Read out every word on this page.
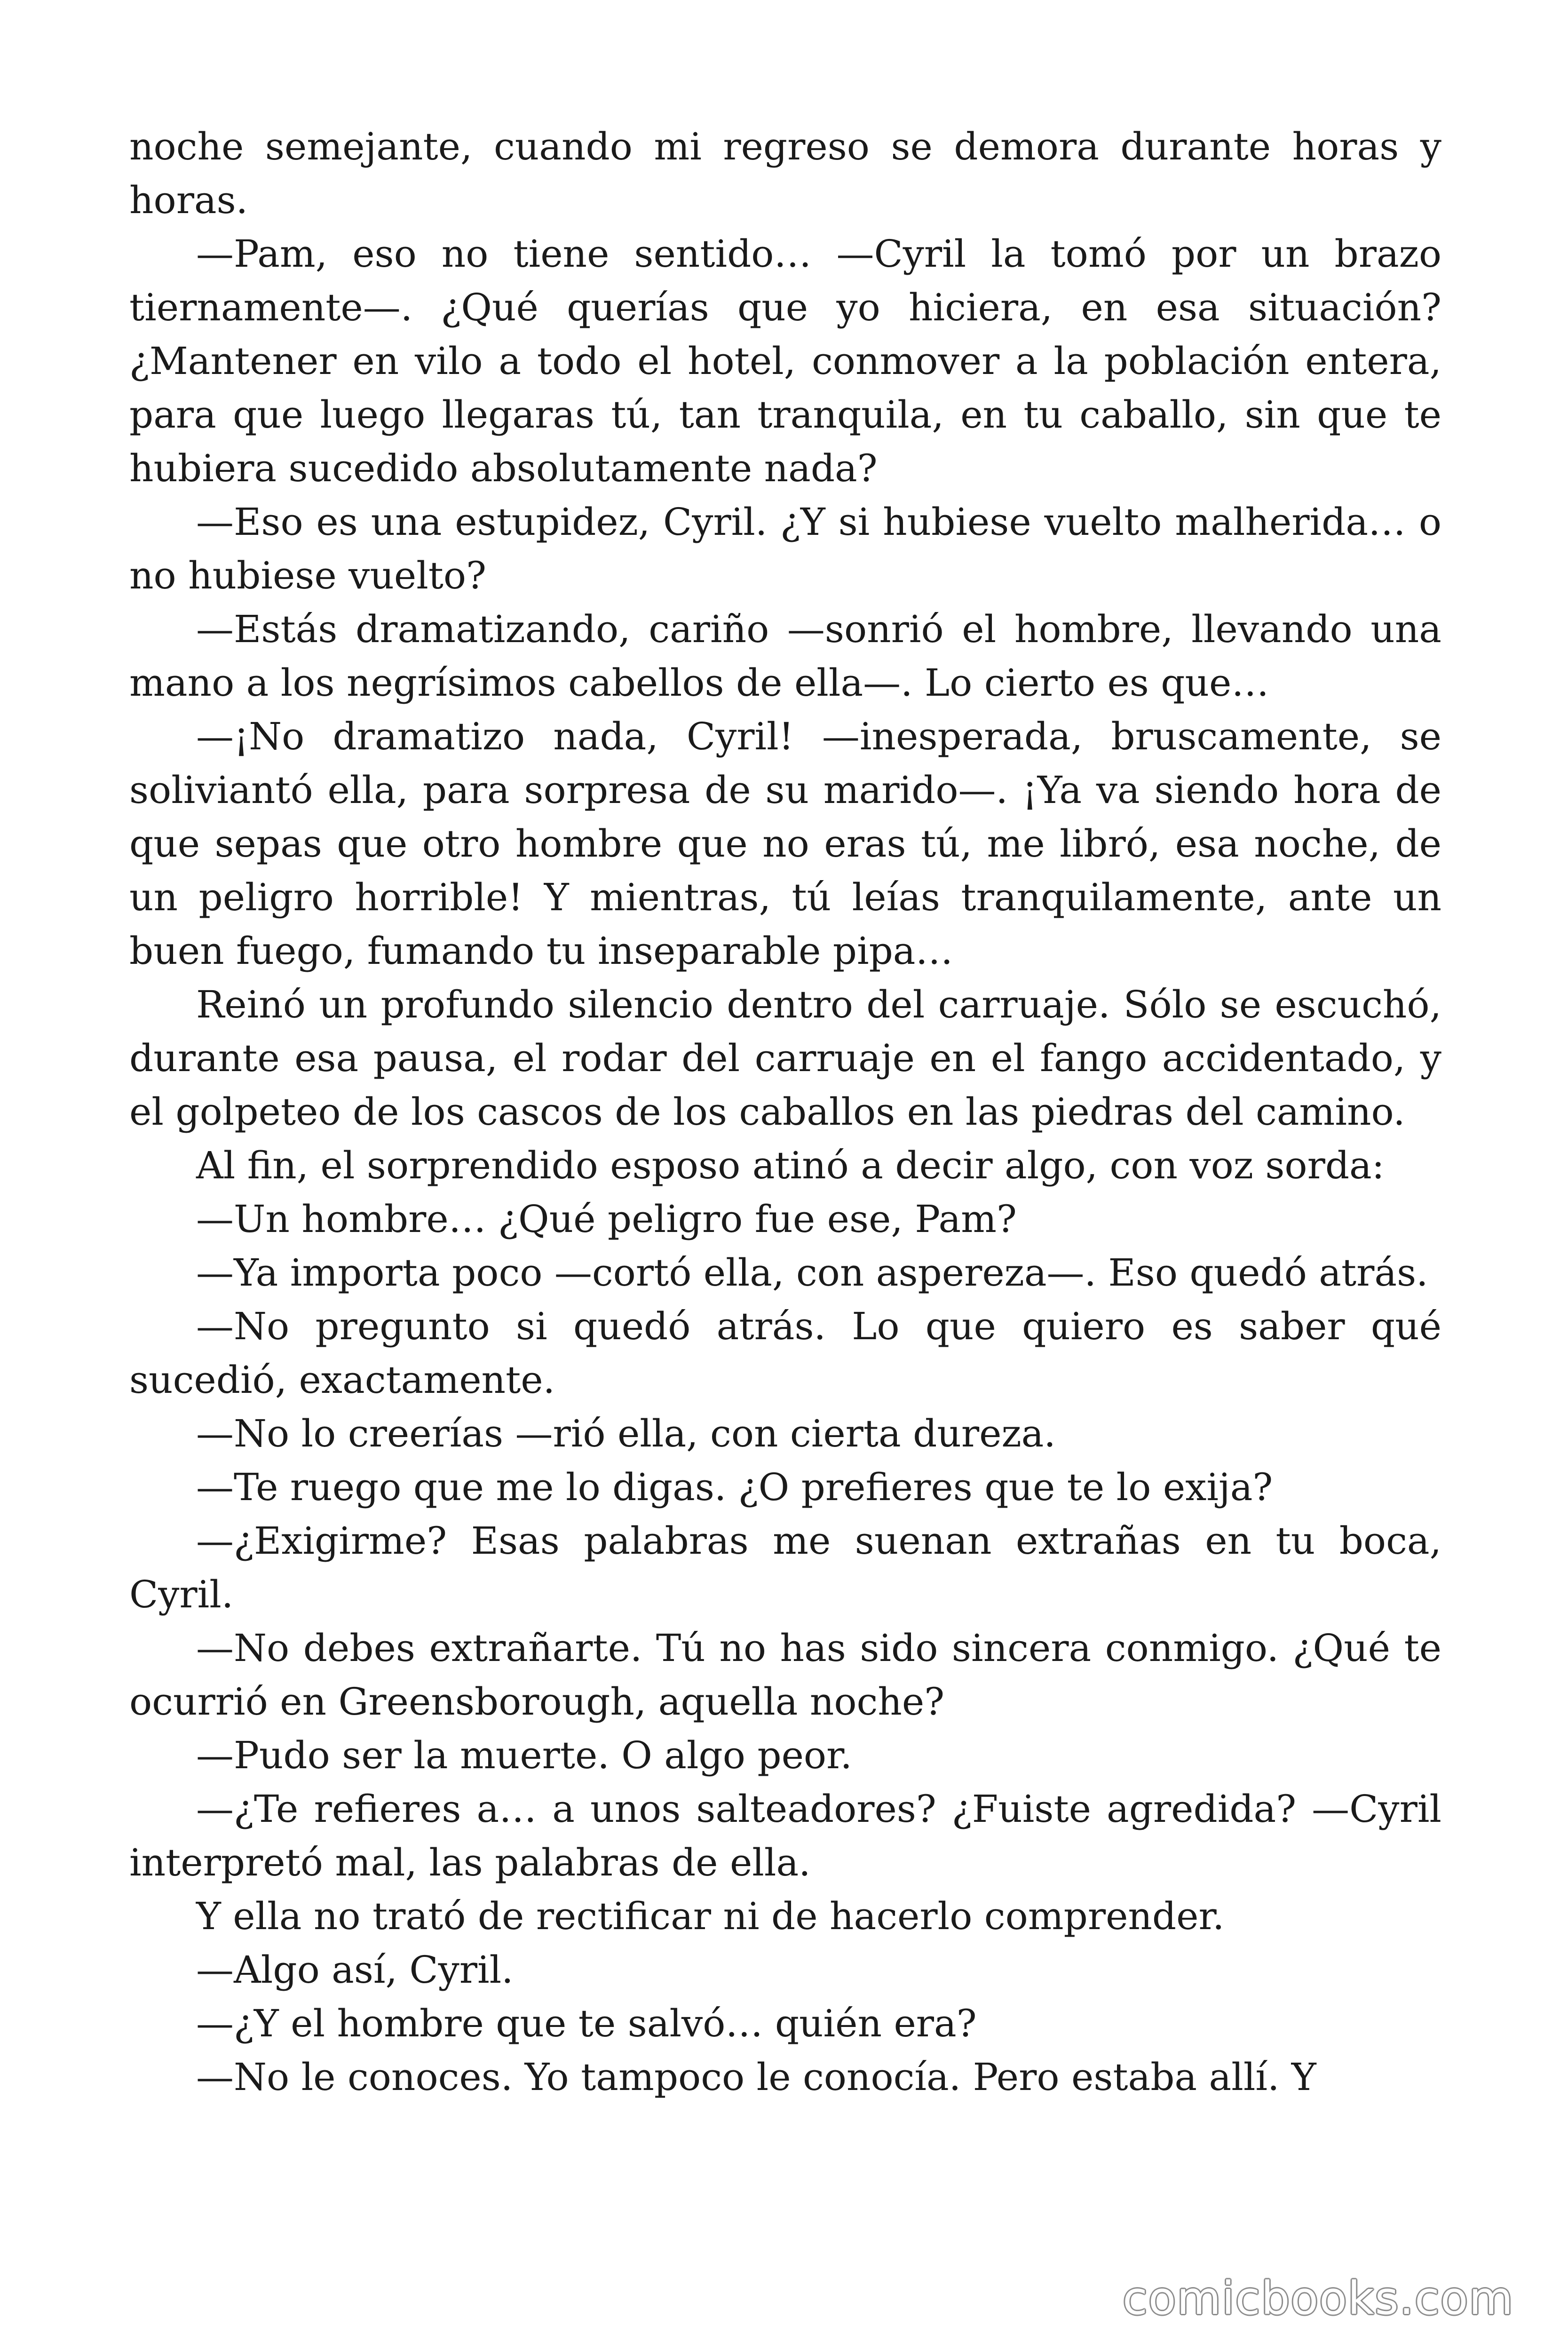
noche semejante, cuando mi regreso se demora durante horas y horas.

—Pam, eso no tiene sentido… —Cyril la tomó por un brazo tiernamente—. ¿Qué querías que yo hiciera, en esa situación? ¿Mantener en vilo a todo el hotel, conmover a la población entera, para que luego llegaras tú, tan tranquila, en tu caballo, sin que te hubiera sucedido absolutamente nada?

—Eso es una estupidez, Cyril. ¿Y si hubiese vuelto malherida… o no hubiese vuelto?

—Estás dramatizando, cariño —sonrió el hombre, llevando una mano a los negrísimos cabellos de ella—. Lo cierto es que…

—¡No dramatizo nada, Cyril! —inesperada, bruscamente, se soliviantó ella, para sorpresa de su marido—. ¡Ya va siendo hora de que sepas que otro hombre que no eras tú, me libró, esa noche, de un peligro horrible! Y mientras, tú leías tranquilamente, ante un buen fuego, fumando tu inseparable pipa…

Reinó un profundo silencio dentro del carruaje. Sólo se escuchó, durante esa pausa, el rodar del carruaje en el fango accidentado, y el golpeteo de los cascos de los caballos en las piedras del camino.

Al fin, el sorprendido esposo atinó a decir algo, con voz sorda:

—Un hombre… ¿Qué peligro fue ese, Pam?

—Ya importa poco —cortó ella, con aspereza—. Eso quedó atrás.

—No pregunto si quedó atrás. Lo que quiero es saber qué sucedió, exactamente.

—No lo creerías —rió ella, con cierta dureza.

—Te ruego que me lo digas. ¿O prefieres que te lo exija?

—¿Exigirme? Esas palabras me suenan extrañas en tu boca, Cyril.

—No debes extrañarte. Tú no has sido sincera conmigo. ¿Qué te ocurrió en Greensborough, aquella noche?

—Pudo ser la muerte. O algo peor.

—¿Te refieres a… a unos salteadores? ¿Fuiste agredida? —Cyril interpretó mal, las palabras de ella.

Y ella no trató de rectificar ni de hacerlo comprender.

—Algo así, Cyril.

—¿Y el hombre que te salvó… quién era?

—No le conoces. Yo tampoco le conocía. Pero estaba allí. Y

comicbooks.com
